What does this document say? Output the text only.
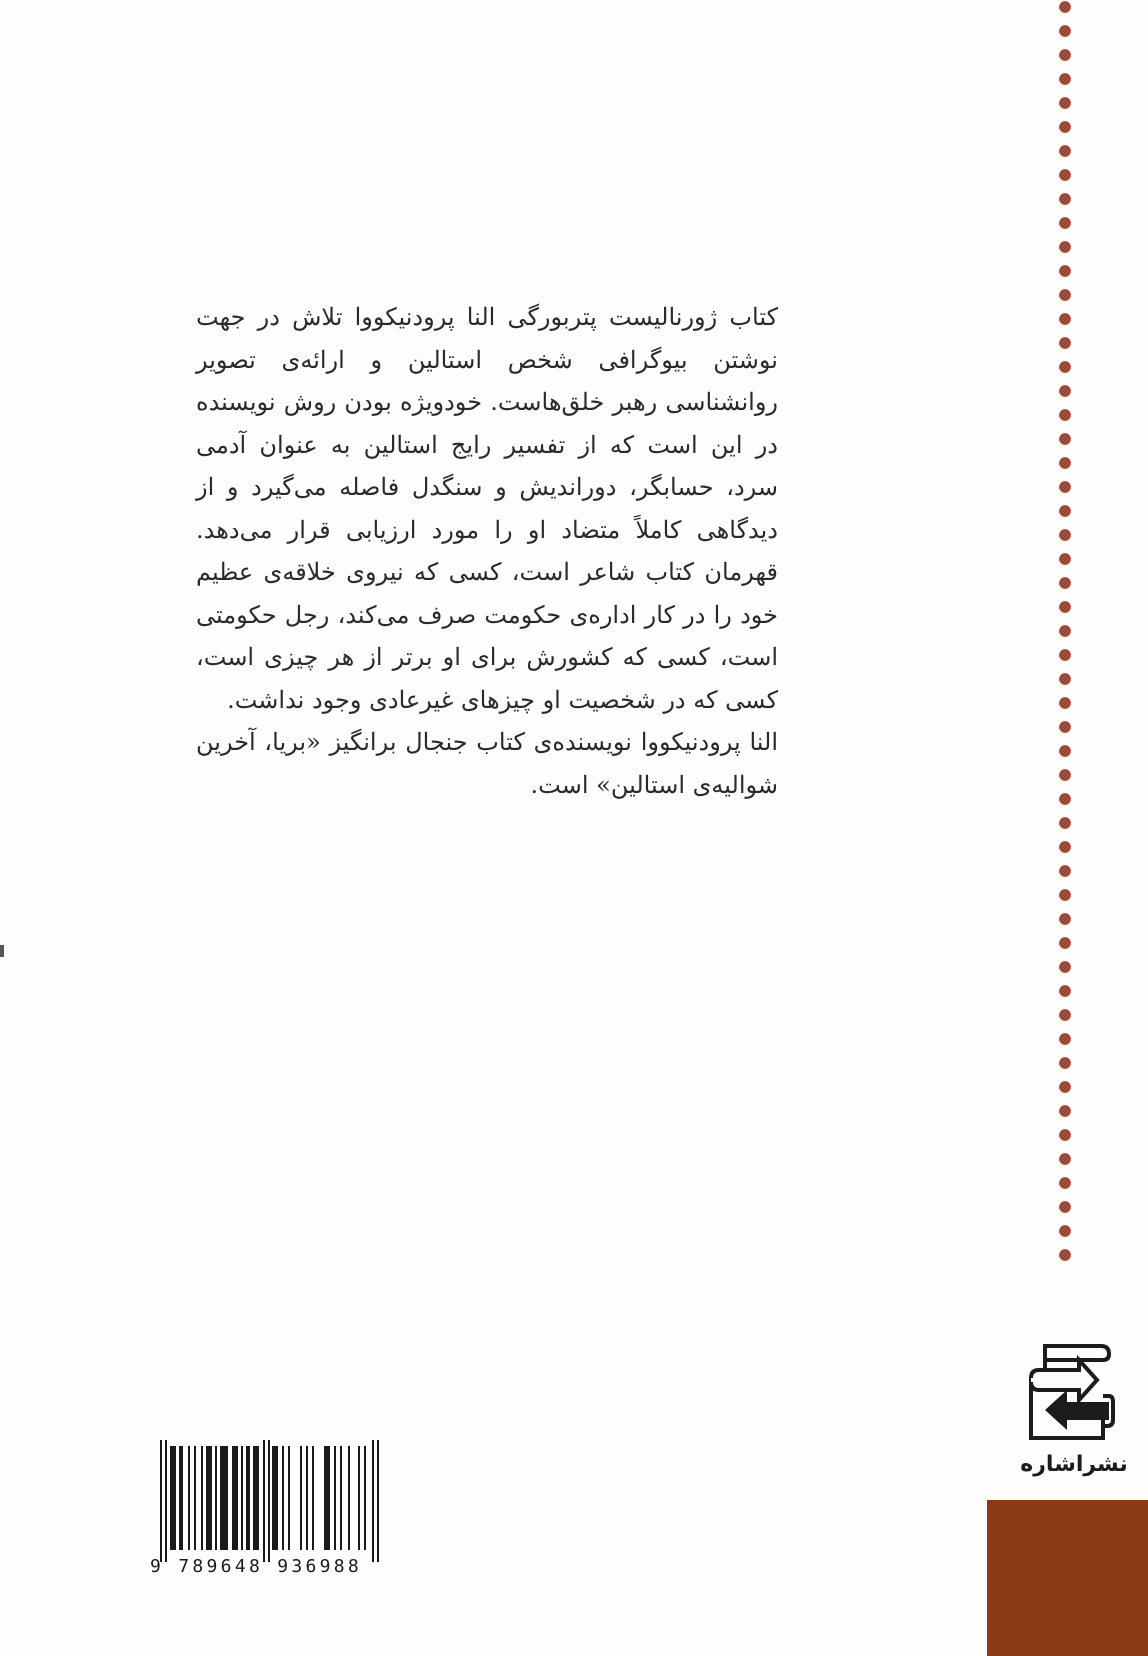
کتاب ژورنالیست پتربورگی النا پرودنیکووا تلاش در جهت نوشتن بیوگرافی شخص استالین و ارائه‌ی تصویر روانشناسی رهبر خلق‌هاست. خودویژه بودن روش نویسنده در این است که از تفسیر رایج استالین به عنوان آدمی سرد، حسابگر، دوراندیش و سنگدل فاصله می‌گیرد و از دیدگاهی کاملاً متضاد او را مورد ارزیابی قرار می‌دهد. قهرمان کتاب شاعر است، کسی که نیروی خلاقه‌ی عظیم خود را در کار اداره‌ی حکومت صرف می‌کند، رجل حکومتی است، کسی که کشورش برای او برتر از هر چیزی است، کسی که در شخصیت او چیزهای غیرعادی وجود نداشت.

النا پرودنیکووا نویسنده‌ی کتاب جنجال برانگیز «بریا، آخرین شوالیه‌ی استالین» است.

نشراشاره
9 789648 936988
